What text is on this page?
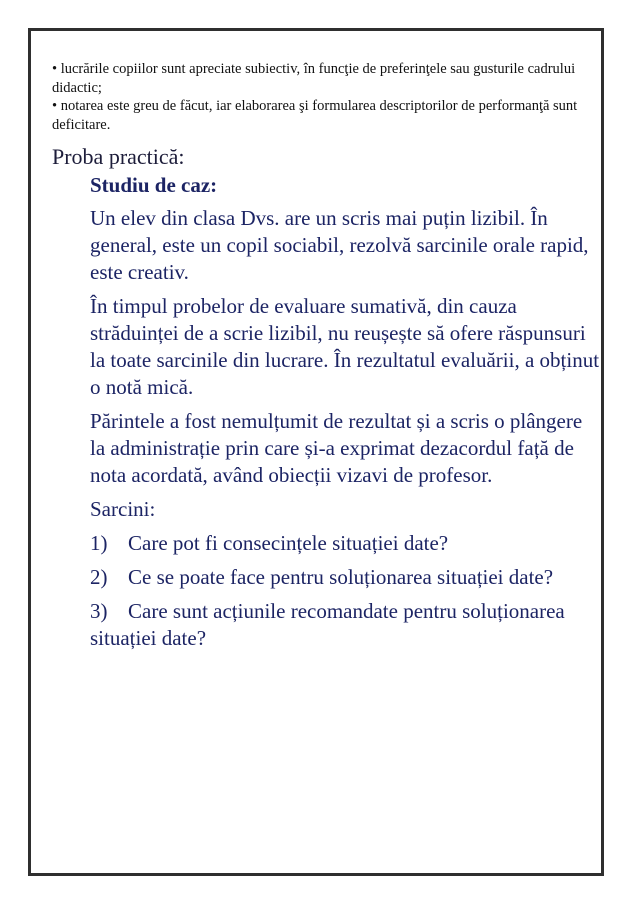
• lucrările copiilor sunt apreciate subiectiv, în funcţie de preferinţele sau gusturile cadrului didactic;

• notarea este greu de făcut, iar elaborarea şi formularea descriptorilor de performanţă sunt deficitare.

Proba practică:

Studiu de caz:

Un elev din clasa Dvs. are un scris mai puțin lizibil. În general, este un copil sociabil, rezolvă sarcinile orale rapid, este creativ.

În timpul probelor de evaluare sumativă, din cauza străduinței de a scrie lizibil, nu reușește să ofere răspunsuri la toate sarcinile din lucrare. În rezultatul evaluării, a obținut o notă mică.

Părintele a fost nemulțumit de rezultat și a scris o plângere la administrație prin care și-a exprimat dezacordul față de nota acordată, având obiecții vizavi de profesor.

Sarcini:

1) Care pot fi consecințele situației date?

2) Ce se poate face pentru soluționarea situației date?

3) Care sunt acțiunile recomandate pentru soluționarea situației date?
